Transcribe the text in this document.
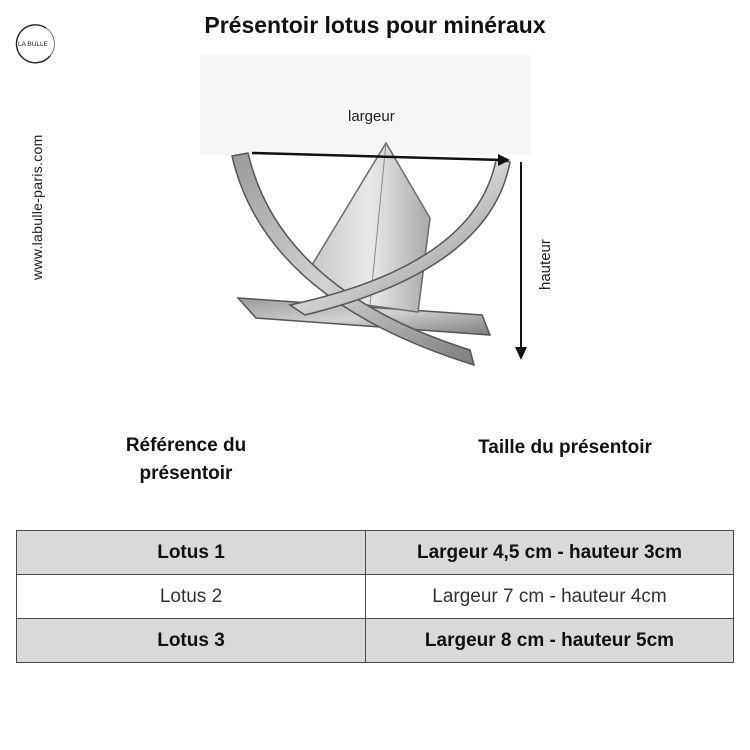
Présentoir lotus pour minéraux
LA BULLE
www.labulle-paris.com
largeur
hauteur
Référence du présentoir
Taille du présentoir
Lotus 1	Largeur 4,5 cm - hauteur 3cm
Lotus 2	Largeur 7 cm - hauteur 4cm
Lotus 3	Largeur 8 cm - hauteur 5cm
